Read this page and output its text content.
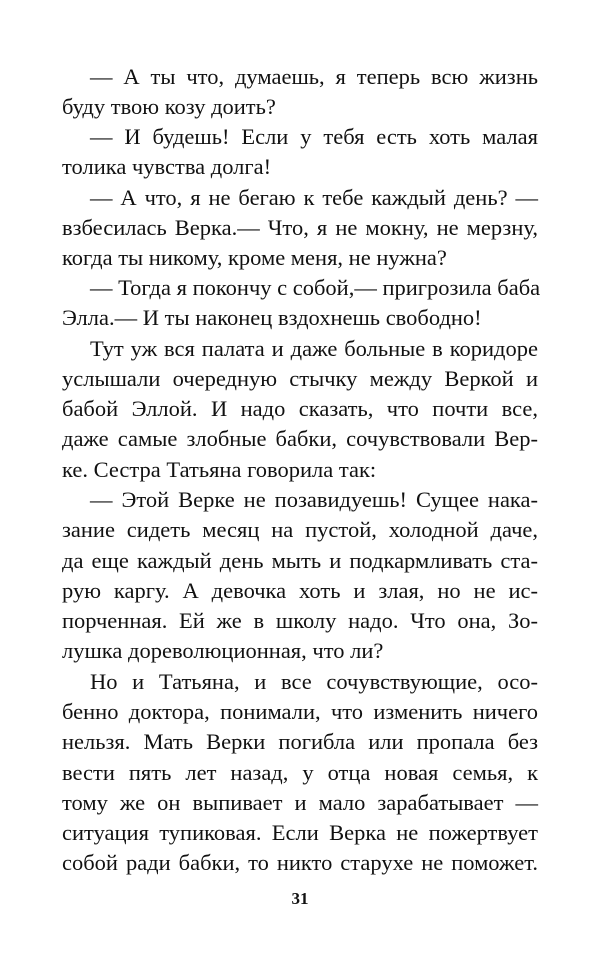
— А ты что, думаешь, я теперь всю жизнь
буду твою козу доить?
— И будешь! Если у тебя есть хоть малая
толика чувства долга!
— А что, я не бегаю к тебе каждый день? —
взбесилась Верка.— Что, я не мокну, не мерзну,
когда ты никому, кроме меня, не нужна?
— Тогда я покончу с собой,— пригрозила баба
Элла.— И ты наконец вздохнешь свободно!
Тут уж вся палата и даже больные в коридоре
услышали очередную стычку между Веркой и
бабой Эллой. И надо сказать, что почти все,
даже самые злобные бабки, сочувствовали Вер-
ке. Сестра Татьяна говорила так:
— Этой Верке не позавидуешь! Сущее нака-
зание сидеть месяц на пустой, холодной даче,
да еще каждый день мыть и подкармливать ста-
рую каргу. А девочка хоть и злая, но не ис-
порченная. Ей же в школу надо. Что она, Зо-
лушка дореволюционная, что ли?
Но и Татьяна, и все сочувствующие, осо-
бенно доктора, понимали, что изменить ничего
нельзя. Мать Верки погибла или пропала без
вести пять лет назад, у отца новая семья, к
тому же он выпивает и мало зарабатывает —
ситуация тупиковая. Если Верка не пожертвует
собой ради бабки, то никто старухе не поможет.
31
